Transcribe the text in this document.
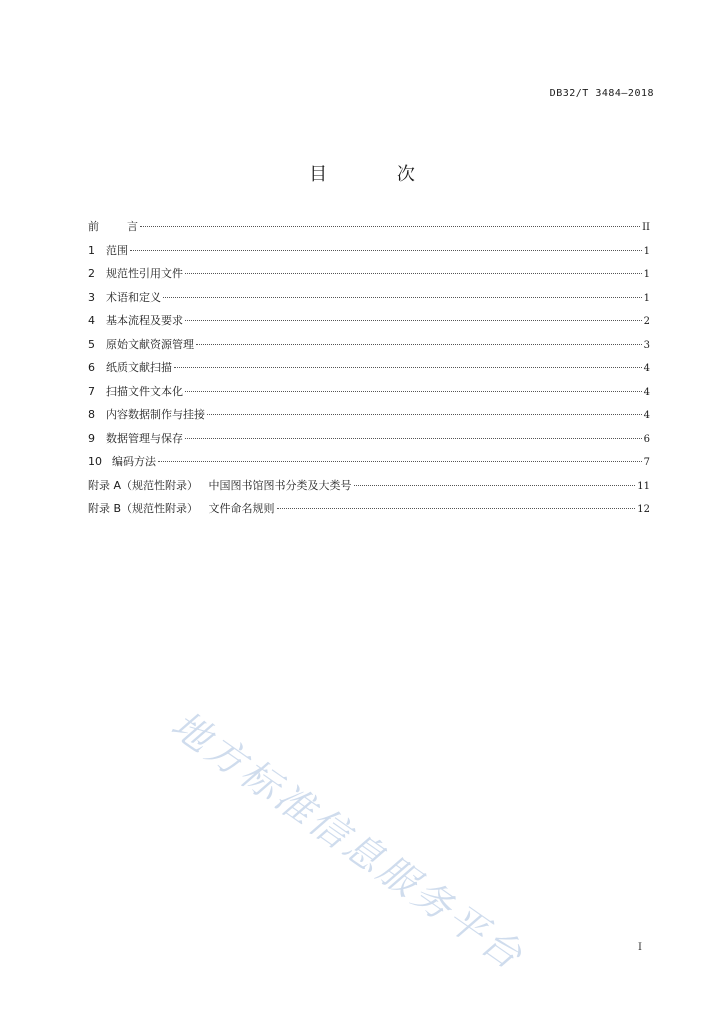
DB32/T 3484—2018
目 次
前        言	II
1	范围	1
2	规范性引用文件	1
3	术语和定义	1
4	基本流程及要求	2
5	原始文献资源管理	3
6	纸质文献扫描	4
7	扫描文件文本化	4
8	内容数据制作与挂接	4
9	数据管理与保存	6
10 编码方法	7
附录 A（规范性附录）   中国图书馆图书分类及大类号	11
附录 B（规范性附录）   文件命名规则	12
地方标准信息服务平台	I
